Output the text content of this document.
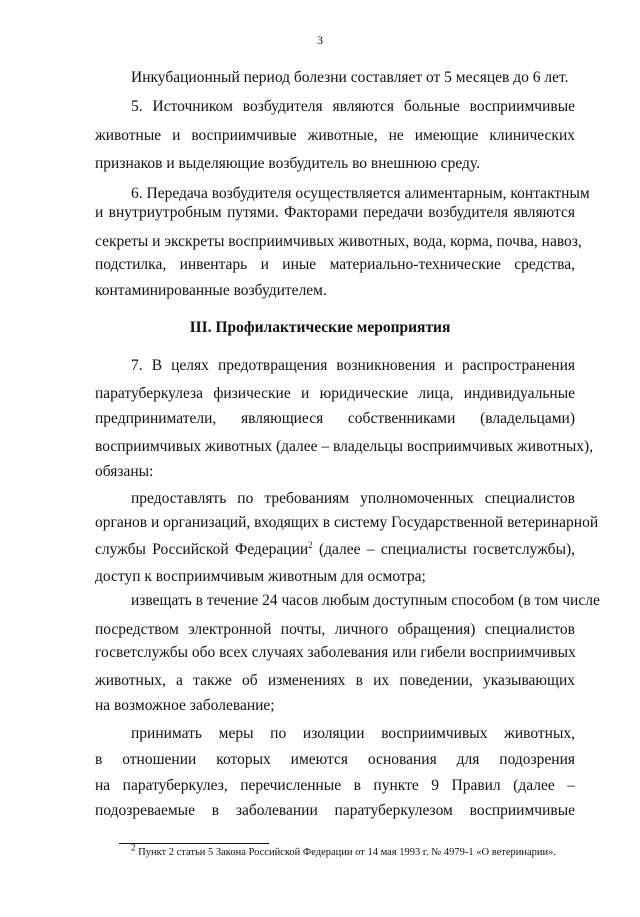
3
Инкубационный период болезни составляет от 5 месяцев до 6 лет.
5. Источником возбудителя являются больные восприимчивые
животные и восприимчивые животные, не имеющие клинических
признаков и выделяющие возбудитель во внешнюю среду.
6. Передача возбудителя осуществляется алиментарным, контактным
и внутриутробным путями. Факторами передачи возбудителя являются
секреты и экскреты восприимчивых животных, вода, корма, почва, навоз,
подстилка, инвентарь и иные материально-технические средства,
контаминированные возбудителем.
III. Профилактические мероприятия
7. В целях предотвращения возникновения и распространения
паратуберкулеза физические и юридические лица, индивидуальные
предприниматели, являющиеся собственниками (владельцами)
восприимчивых животных (далее – владельцы восприимчивых животных),
обязаны:
предоставлять по требованиям уполномоченных специалистов
органов и организаций, входящих в систему Государственной ветеринарной
службы Российской Федерации$^2$ (далее – специалисты госветслужбы),
доступ к восприимчивым животным для осмотра;
извещать в течение 24 часов любым доступным способом (в том числе
посредством электронной почты, личного обращения) специалистов
госветслужбы обо всех случаях заболевания или гибели восприимчивых
животных, а также об изменениях в их поведении, указывающих
на возможное заболевание;
принимать меры по изоляции восприимчивых животных,
в отношении которых имеются основания для подозрения
на паратуберкулез, перечисленные в пункте 9 Правил (далее –
подозреваемые в заболевании паратуберкулезом восприимчивые
$^2$ Пункт 2 статьи 5 Закона Российской Федерации от 14 мая 1993 г. № 4979-1 «О ветеринарии».
